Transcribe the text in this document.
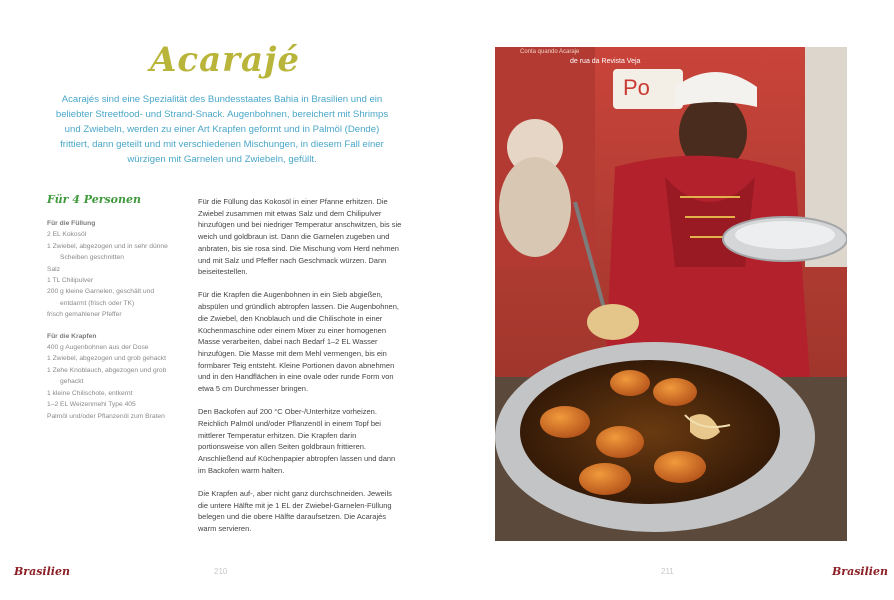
Acarajé
Acarajés sind eine Spezialität des Bundesstaates Bahia in Brasilien und ein beliebter Streetfood- und Strand-Snack. Augenbohnen, bereichert mit Shrimps und Zwiebeln, werden zu einer Art Krapfen geformt und in Palmöl (Dende) frittiert, dann geteilt und mit verschiedenen Mischungen, in diesem Fall einer würzigen mit Garnelen und Zwiebeln, gefüllt.
Für 4 Personen
Für die Füllung
2 EL Kokosöl
1 Zwiebel, abgezogen und in sehr dünne Scheiben geschnitten
Salz
1 TL Chilipulver
200 g kleine Garnelen, geschält und entdarmt (frisch oder TK)
frisch gemahlener Pfeffer
Für die Krapfen
400 g Augenbohnen aus der Dose
1 Zwiebel, abgezogen und grob gehackt
1 Zehe Knoblauch, abgezogen und grob gehackt
1 kleine Chilischote, entkernt
1–2 EL Weizenmehl Type 405
Palmöl und/oder Pflanzenöl zum Braten

Für die Füllung das Kokosöl in einer Pfanne erhitzen. Die Zwiebel zusammen mit etwas Salz und dem Chilipulver hinzufügen und bei niedriger Temperatur anschwitzen, bis sie weich und goldbraun ist. Dann die Garnelen zugeben und anbraten, bis sie rosa sind. Die Mischung vom Herd nehmen und mit Salz und Pfeffer nach Geschmack würzen. Dann beiseitestellen.

Für die Krapfen die Augenbohnen in ein Sieb abgießen, abspülen und gründlich abtropfen lassen. Die Augenbohnen, die Zwiebel, den Knoblauch und die Chilischote in einer Küchenmaschine oder einem Mixer zu einer homogenen Masse verarbeiten, dabei nach Bedarf 1–2 EL Wasser hinzufügen. Die Masse mit dem Mehl vermengen, bis ein formbarer Teig entsteht. Kleine Portionen davon abnehmen und in den Handflächen in eine ovale oder runde Form von etwa 5 cm Durchmesser bringen.

Den Backofen auf 200 °C Ober-/Unterhitze vorheizen. Reichlich Palmöl und/oder Pflanzenöl in einem Topf bei mittlerer Temperatur erhitzen. Die Krapfen darin portionsweise von allen Seiten goldbraun frittieren. Anschließend auf Küchenpapier abtropfen lassen und dann im Backofen warm halten.

Die Krapfen auf-, aber nicht ganz durchschneiden. Jeweils die untere Hälfte mit je 1 EL der Zwiebel-Garnelen-Füllung belegen und die obere Hälfte daraufsetzen. Die Acarajés warm servieren.

Brasilien	210	211	Brasilien
Conta quando Acaraje
de rua da Revista Veja
Po
